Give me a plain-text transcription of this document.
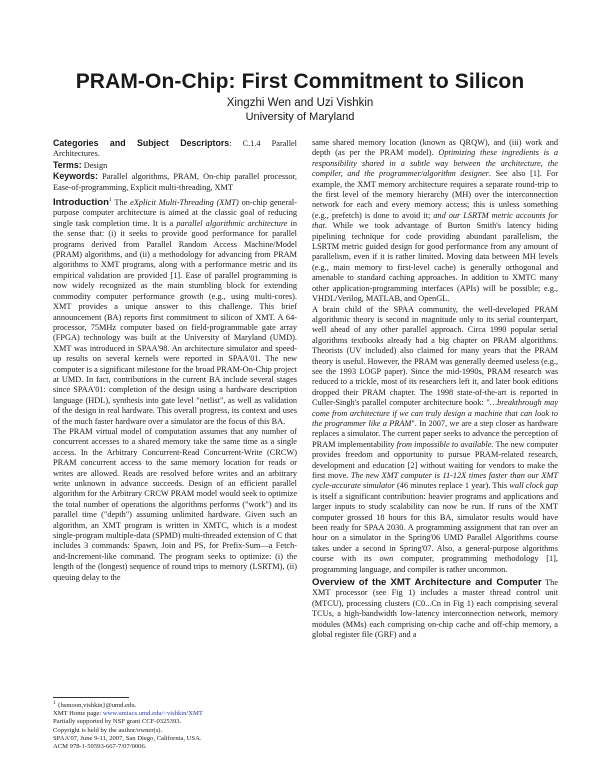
PRAM-On-Chip: First Commitment to Silicon
Xingzhi Wen and Uzi Vishkin
University of Maryland

Categories and Subject Descriptors: C.1.4 Parallel Architectures.

Terms: Design

Keywords: Parallel algorithms, PRAM, On-chip parallel processor, Ease-of-programming, Explicit multi-threading, XMT

Introduction$^1$ The eXplicit Multi-Threading (XMT) on-chip general-purpose computer architecture is aimed at the classic goal of reducing single task completion time. It is a parallel algorithmic architecture in the sense that: (i) it seeks to provide good performance for parallel programs derived from Parallel Random Access Machine/Model (PRAM) algorithms, and (ii) a methodology for advancing from PRAM algorithms to XMT programs, along with a performance metric and its empirical validation are provided [1]. Ease of parallel programming is now widely recognized as the main stumbling block for extending commodity computer performance growth (e.g., using multi-cores). XMT provides a unique answer to this challenge. This brief announcement (BA) reports first commitment to silicon of XMT. A 64-processor, 75MHz computer based on field-programmable gate array (FPGA) technology was built at the University of Maryland (UMD). XMT was introduced in SPAA'98. An architecture simulator and speed-up results on several kernels were reported in SPAA'01. The new computer is a significant milestone for the broad PRAM-On-Chip project at UMD. In fact, contributions in the current BA include several stages since SPAA'01: completion of the design using a hardware description language (HDL), synthesis into gate level "netlist", as well as validation of the design in real hardware. This overall progress, its context and uses of the much faster hardware over a simulator are the focus of this BA.

The PRAM virtual model of computation assumes that any number of concurrent accesses to a shared memory take the same time as a single access. In the Arbitrary Concurrent-Read Concurrent-Write (CRCW) PRAM concurrent access to the same memory location for reads or writes are allowed. Reads are resolved before writes and an arbitrary write unknown in advance succeeds. Design of an efficient parallel algorithm for the Arbitrary CRCW PRAM model would seek to optimize the total number of operations the algorithms performs ("work") and its parallel time ("depth") assuming unlimited hardware. Given such an algorithm, an XMT program is written in XMTC, which is a modest single-program multiple-data (SPMD) multi-threaded extension of C that includes 3 commands: Spawn, Join and PS, for Prefix-Sum—a Fetch-and-Increment-like command. The program seeks to optimize: (i) the length of the (longest) sequence of round trips to memory (LSRTM), (ii) queuing delay to the

$^1$ {hsmoon,vishkin}@umd.edu.
XMT Home page: www.umiacs.umd.edu/~vishkin/XMT
Partially supported by NSF grant CCF-0325393.
Copyright is held by the author/owner(s).
SPAA'07, June 9-11, 2007, San Diego, California, USA.
ACM 978-1-59593-667-7/07/0006.

same shared memory location (known as QRQW), and (iii) work and depth (as per the PRAM model). Optimizing these ingredients is a responsibility shared in a subtle way between the architecture, the compiler, and the programmer/algorithm designer. See also [1]. For example, the XMT memory architecture requires a separate round-trip to the first level of the memory hierarchy (MH) over the interconnection network for each and every memory access; this is unless something (e.g., prefetch) is done to avoid it; and our LSRTM metric accounts for that. While we took advantage of Burton Smith's latency hiding pipelining technique for code providing abundant parallelism, the LSRTM metric guided design for good performance from any amount of parallelism, even if it is rather limited. Moving data between MH levels (e.g., main memory to first-level cache) is generally orthogonal and amenable to standard caching approaches. In addition to XMTC many other application-programming interfaces (APIs) will be possible; e.g., VHDL/Verilog, MATLAB, and OpenGL.

A brain child of the SPAA community, the well-developed PRAM algorithmic theory is second in magnitude only to its serial counterpart, well ahead of any other parallel approach. Circa 1990 popular serial algorithms textbooks already had a big chapter on PRAM algorithms. Theorists (UV included) also claimed for many years that the PRAM theory is useful. However, the PRAM was generally deemed useless (e.g., see the 1993 LOGP paper). Since the mid-1990s, PRAM research was reduced to a trickle, most of its researchers left it, and later book editions dropped their PRAM chapter. The 1998 state-of-the-art is reported in Culler-Singh's parallel computer architecture book: "…breakthrough may come from architecture if we can truly design a machine that can look to the programmer like a PRAM". In 2007, we are a step closer as hardware replaces a simulator. The current paper seeks to advance the perception of PRAM implementability from impossible to available. The new computer provides freedom and opportunity to pursue PRAM-related research, development and education [2] without waiting for vendors to make the first move. The new XMT computer is 11-12X times faster than our XMT cycle-accurate simulator (46 minutes replace 1 year). This wall clock gap is itself a significant contribution: heavier programs and applications and larger inputs to study scalability can now be run. If runs of the XMT computer grossed 18 hours for this BA, simulator results would have been ready for SPAA 2030. A programming assignment that ran over an hour on a simulator in the Spring'06 UMD Parallel Algorithms course takes under a second in Spring'07. Also, a general-purpose algorithms course with its own computer, programming methodology [1], programming language, and compiler is rather uncommon.

Overview of the XMT Architecture and Computer The XMT processor (see Fig 1) includes a master thread control unit (MTCU), processing clusters (C0...Cn in Fig 1) each comprising several TCUs, a high-bandwidth low-latency interconnection network, memory modules (MMs) each comprising on-chip cache and off-chip memory, a global register file (GRF) and a
